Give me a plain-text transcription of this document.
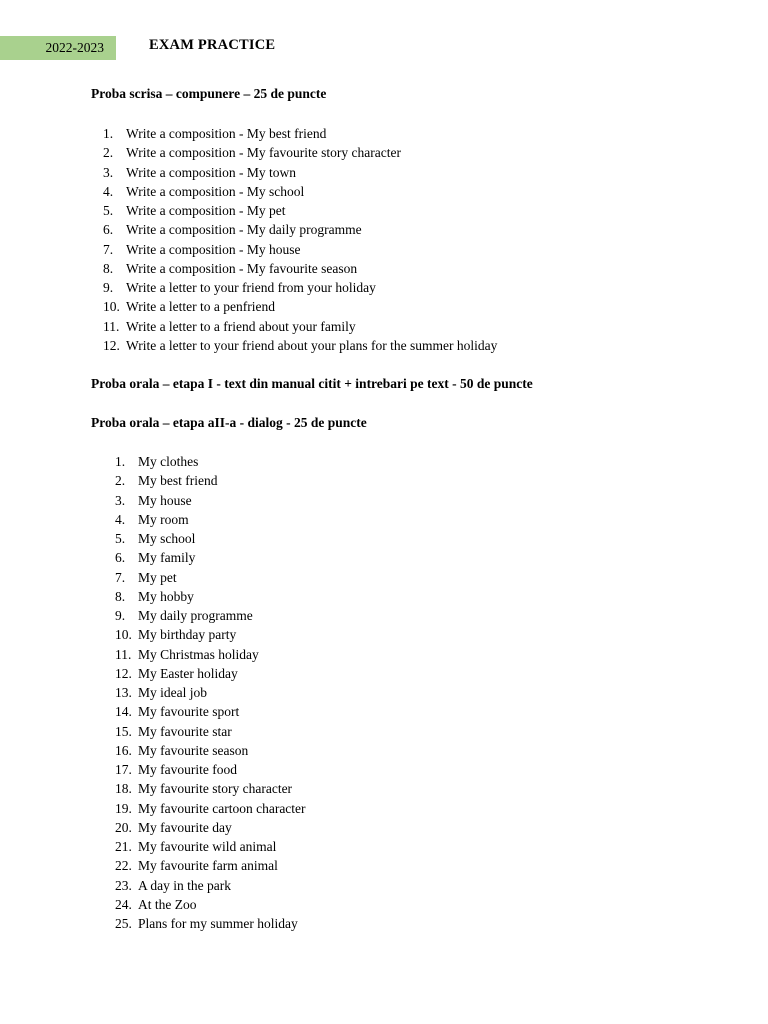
2022-2023	EXAM PRACTICE
Proba scrisa – compunere – 25 de puncte
1. Write a composition - My best friend
2. Write a composition - My favourite story character
3. Write a composition - My town
4. Write a composition - My school
5. Write a composition - My pet
6. Write a composition - My daily programme
7. Write a composition - My house
8. Write a composition - My favourite season
9. Write a letter to your friend from your holiday
10. Write a letter to a penfriend
11. Write a letter to a friend about your family
12. Write a letter to your friend about your plans for the summer holiday
Proba orala – etapa I - text din manual citit + intrebari pe text - 50 de puncte
Proba orala – etapa aII-a - dialog - 25 de puncte
1. My clothes
2. My best friend
3. My house
4. My room
5. My school
6. My family
7. My pet
8. My hobby
9. My daily programme
10. My birthday party
11. My Christmas holiday
12. My Easter holiday
13. My ideal job
14. My favourite sport
15. My favourite star
16. My favourite season
17. My favourite food
18. My favourite story character
19. My favourite cartoon character
20. My favourite day
21. My favourite wild animal
22. My favourite farm animal
23. A day in the park
24. At the Zoo
25. Plans for my summer holiday
